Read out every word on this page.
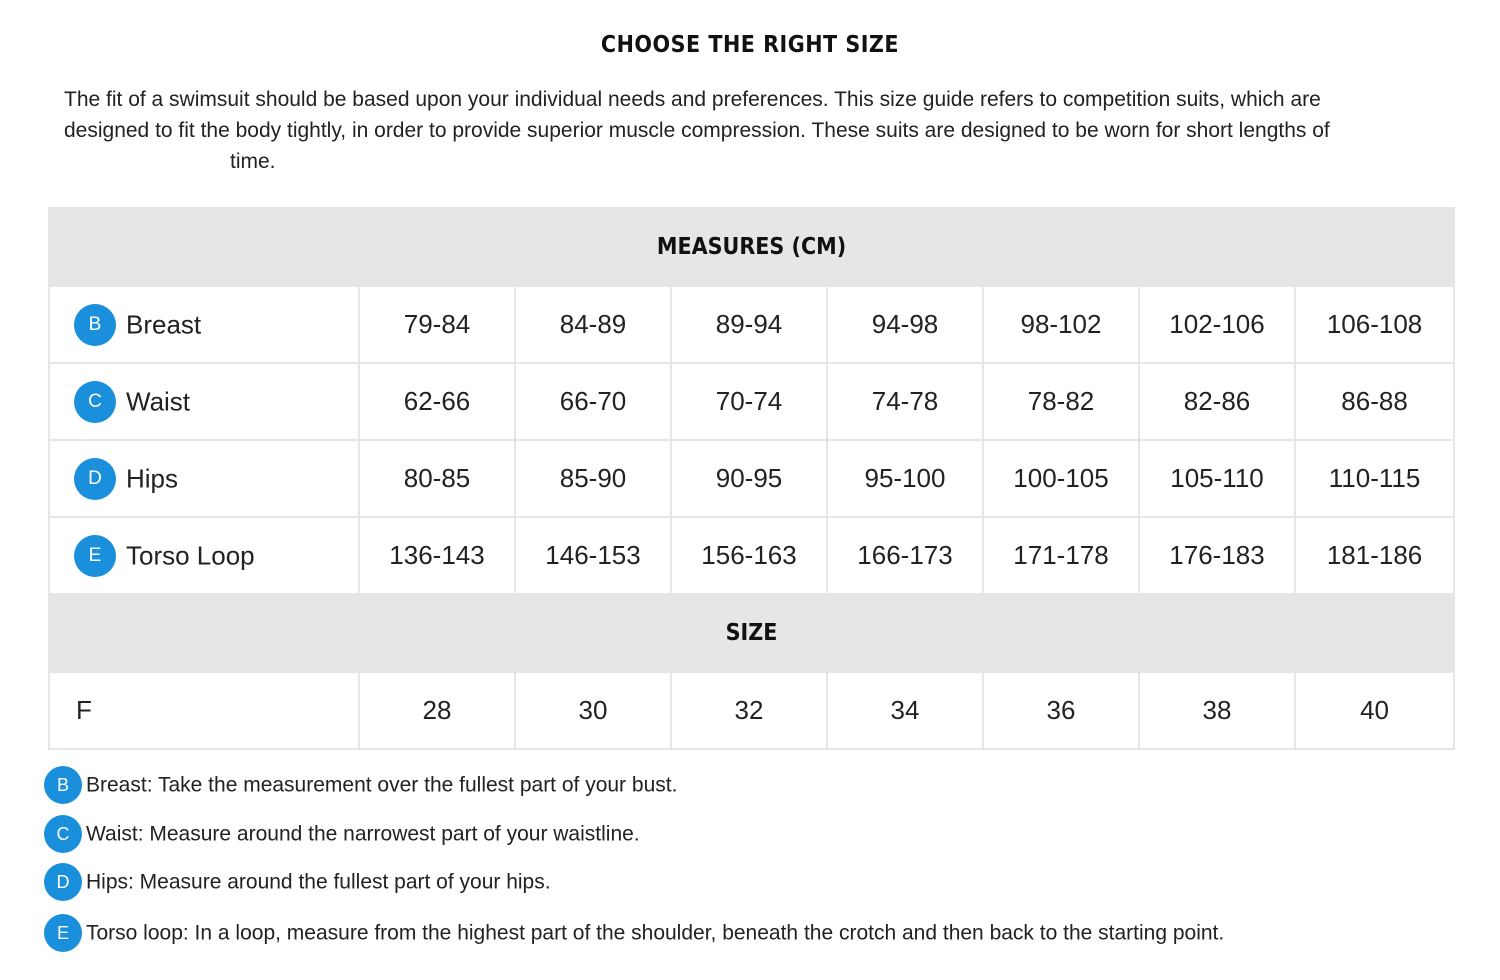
CHOOSE THE RIGHT SIZE
The fit of a swimsuit should be based upon your individual needs and preferences. This size guide refers to competition suits, which are
designed to fit the body tightly, in order to provide superior muscle compression. These suits are designed to be worn for short lengths of
time.
MEASURES (CM)							
B Breast	79-84	84-89	89-94	94-98	98-102	102-106	106-108
C Waist	62-66	66-70	70-74	74-78	78-82	82-86	86-88
D Hips	80-85	85-90	90-95	95-100	100-105	105-110	110-115
E Torso Loop	136-143	146-153	156-163	166-173	171-178	176-183	181-186
SIZE							
F	28	30	32	34	36	38	40
B Breast: Take the measurement over the fullest part of your bust.
C Waist: Measure around the narrowest part of your waistline.
D Hips: Measure around the fullest part of your hips.
E Torso loop: In a loop, measure from the highest part of the shoulder, beneath the crotch and then back to the starting point.
